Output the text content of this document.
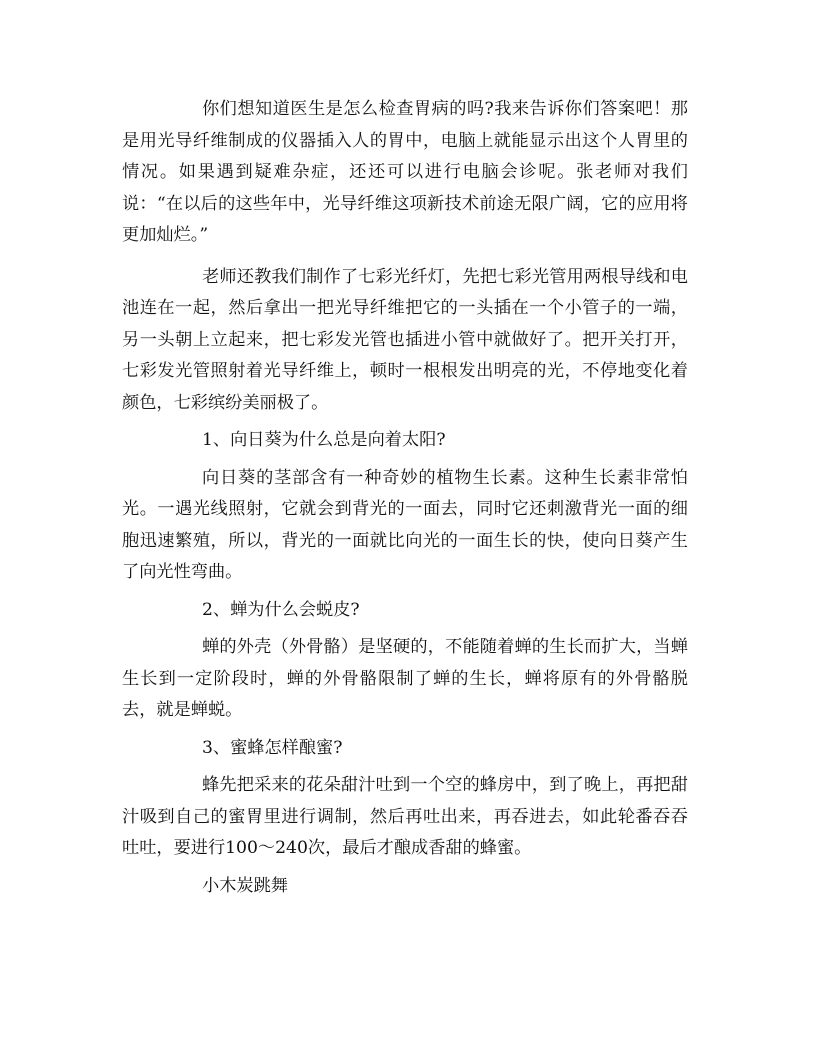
你们想知道医生是怎么检查胃病的吗?我来告诉你们答案吧！那是用光导纤维制成的仪器插入人的胃中，电脑上就能显示出这个人胃里的情况。如果遇到疑难杂症，还还可以进行电脑会诊呢。张老师对我们说：“在以后的这些年中，光导纤维这项新技术前途无限广阔，它的应用将更加灿烂。”

老师还教我们制作了七彩光纤灯，先把七彩光管用两根导线和电池连在一起，然后拿出一把光导纤维把它的一头插在一个小管子的一端，另一头朝上立起来，把七彩发光管也插进小管中就做好了。把开关打开，七彩发光管照射着光导纤维上，顿时一根根发出明亮的光，不停地变化着颜色，七彩缤纷美丽极了。

1、向日葵为什么总是向着太阳?

向日葵的茎部含有一种奇妙的植物生长素。这种生长素非常怕光。一遇光线照射，它就会到背光的一面去，同时它还刺激背光一面的细胞迅速繁殖，所以，背光的一面就比向光的一面生长的快，使向日葵产生了向光性弯曲。

2、蝉为什么会蜕皮?

蝉的外壳（外骨骼）是坚硬的，不能随着蝉的生长而扩大，当蝉生长到一定阶段时，蝉的外骨骼限制了蝉的生长，蝉将原有的外骨骼脱去，就是蝉蜕。

3、蜜蜂怎样酿蜜?

蜂先把采来的花朵甜汁吐到一个空的蜂房中，到了晚上，再把甜汁吸到自己的蜜胃里进行调制，然后再吐出来，再吞进去，如此轮番吞吞吐吐，要进行100～240次，最后才酿成香甜的蜂蜜。

小木炭跳舞
